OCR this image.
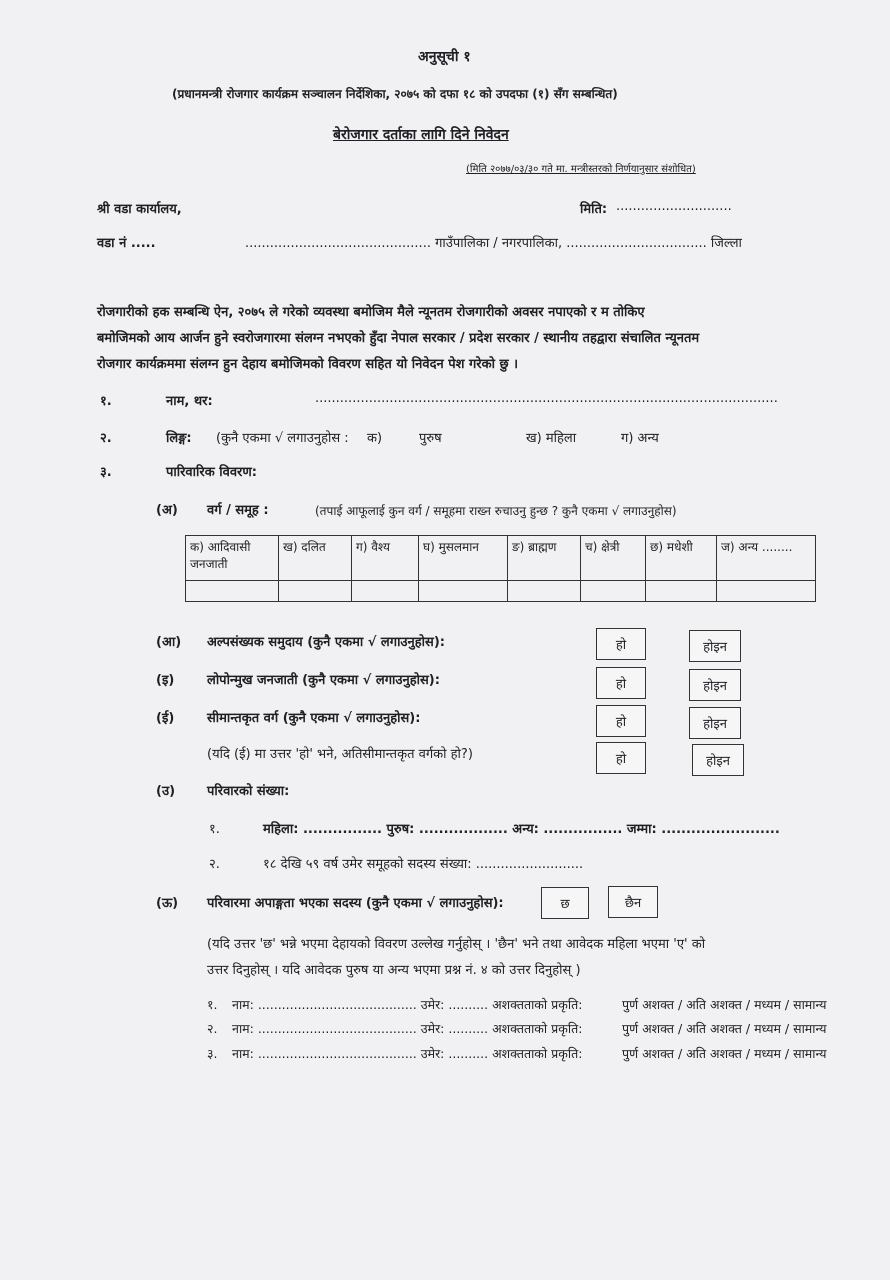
अनुसूची १
(प्रधानमन्त्री रोजगार कार्यक्रम सञ्चालन निर्देशिका, २०७५ को दफा १८ को उपदफा (१) सँग सम्बन्धित)
बेरोजगार दर्ताका लागि दिने निवेदन
(मिति २०७७/०३/३० गते मा. मन्त्रीस्तरको निर्णयानुसार संशोधित)
श्री वडा कार्यालय,	मिति: ............................
वडा नं .....	............................................. गाउँपालिका / नगरपालिका, .................................. जिल्ला
रोजगारीको हक सम्बन्धि ऐन, २०७५ ले गरेको व्यवस्था बमोजिम मैले न्यूनतम रोजगारीको अवसर नपाएको र म तोकिए
बमोजिमको आय आर्जन हुने स्वरोजगारमा संलग्न नभएको हुँदा नेपाल सरकार / प्रदेश सरकार / स्थानीय तहद्वारा संचालित न्यूनतम
रोजगार कार्यक्रममा संलग्न हुन देहाय बमोजिमको विवरण सहित यो निवेदन पेश गरेको छु ।
१.	नाम, थर:	................................................................................................................
२.	लिङ्ग: (कुनै एकमा √ लगाउनुहोस : क)	पुरुष	ख) महिला	ग) अन्य
३.	पारिवारिक विवरण:
(अ) वर्ग / समूह :	(तपाई आफूलाई कुन वर्ग / समूहमा राख्न रुचाउनु हुन्छ ? कुनै एकमा √ लगाउनुहोस)
क) आदिवासी जनजाती	ख) दलित	ग) वैश्य	घ) मुसलमान	ङ) ब्राह्मण	च) क्षेत्री	छ) मधेशी	ज) अन्य ........

(आ) अल्पसंख्यक समुदाय (कुनै एकमा √ लगाउनुहोस):	हो	होइन
(इ)	लोपोन्मुख जनजाती (कुनै एकमा √ लगाउनुहोस):	हो	होइन
(ई)	सीमान्तकृत वर्ग (कुनै एकमा √ लगाउनुहोस):	हो	होइन
(यदि (ई) मा उत्तर 'हो' भने, अतिसीमान्तकृत वर्गको हो?)	हो	होइन
(उ) परिवारको संख्या:
१.	महिला: ................ पुरुष: .................. अन्य: ................ जम्मा: ........................
२.	१८ देखि ५९ वर्ष उमेर समूहको सदस्य संख्या: ..........................
(ऊ) परिवारमा अपाङ्गता भएका सदस्य (कुनै एकमा √ लगाउनुहोस):	छ	छैन
(यदि उत्तर 'छ' भन्ने भएमा देहायको विवरण उल्लेख गर्नुहोस् । 'छैन' भने तथा आवेदक महिला भएमा 'ए' को
उत्तर दिनुहोस् । यदि आवेदक पुरुष या अन्य भएमा प्रश्न नं. ४ को उत्तर दिनुहोस् )
१. नाम: ........................................ उमेर: .......... अशक्तताको प्रकृति:	पुर्ण अशक्त / अति अशक्त / मध्यम / सामान्य
२. नाम: ........................................ उमेर: .......... अशक्तताको प्रकृति:	पुर्ण अशक्त / अति अशक्त / मध्यम / सामान्य
३. नाम: ........................................ उमेर: .......... अशक्तताको प्रकृति:	पुर्ण अशक्त / अति अशक्त / मध्यम / सामान्य
